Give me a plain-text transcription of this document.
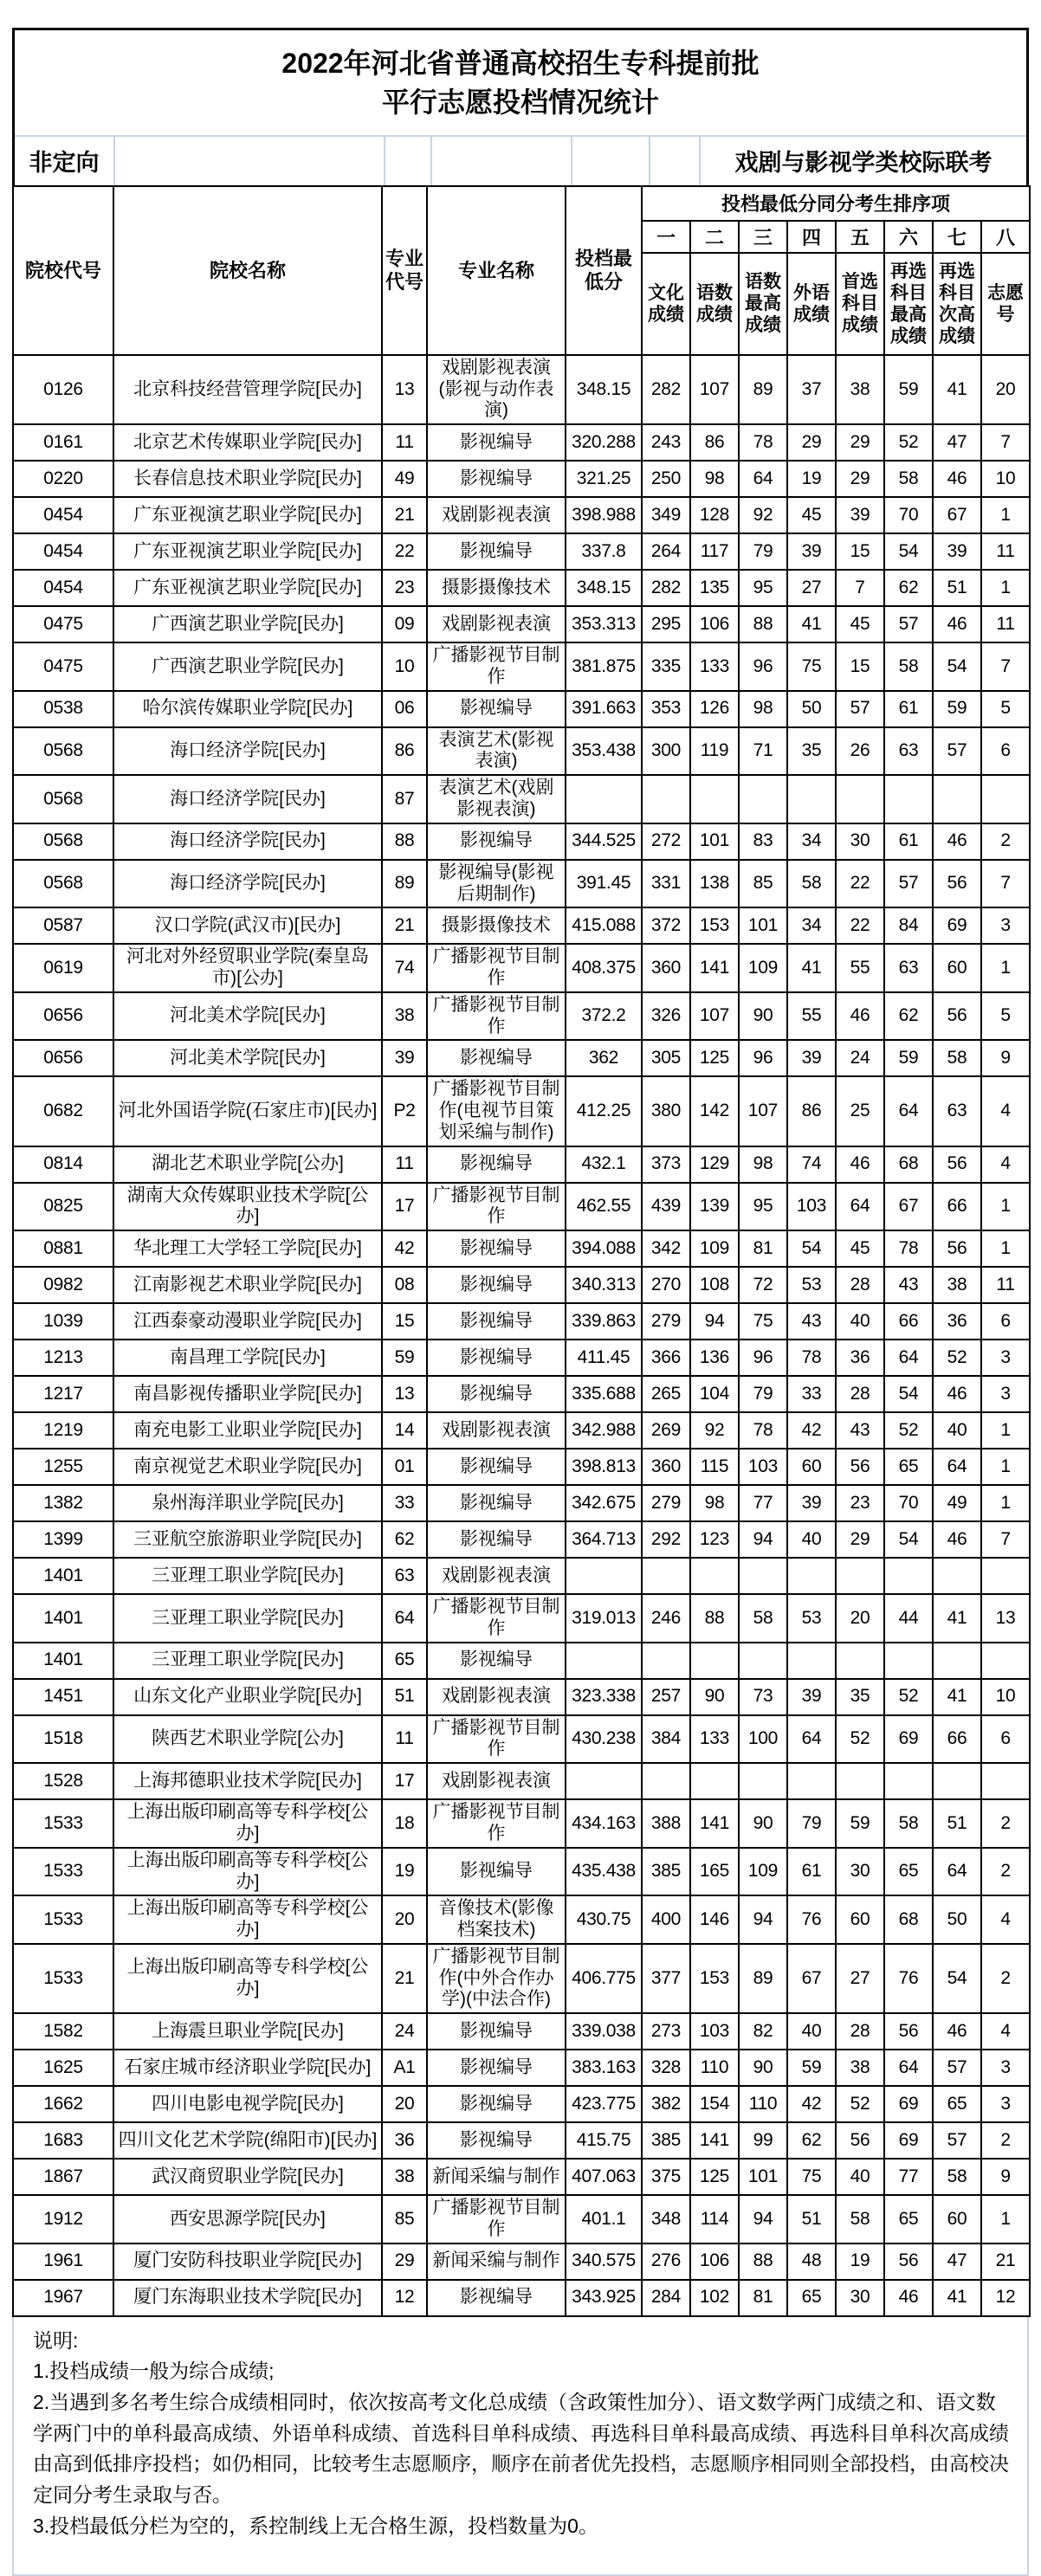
2022年河北省普通高校招生专科提前批
平行志愿投档情况统计
非定向	戏剧与影视学类校际联考
院校代号	院校名称	专业代号	专业名称	投档最低分	投档最低分同分考生排序项							
					一	二	三	四	五	六	七	八
					文化成绩	语数成绩	语数最高成绩	外语成绩	首选科目成绩	再选科目最高成绩	再选科目次高成绩	志愿号
0126	北京科技经营管理学院[民办]	13	戏剧影视表演(影视与动作表演)	348.15	282	107	89	37	38	59	41	20
0161	北京艺术传媒职业学院[民办]	11	影视编导	320.288	243	86	78	29	29	52	47	7
0220	长春信息技术职业学院[民办]	49	影视编导	321.25	250	98	64	19	29	58	46	10
0454	广东亚视演艺职业学院[民办]	21	戏剧影视表演	398.988	349	128	92	45	39	70	67	1
0454	广东亚视演艺职业学院[民办]	22	影视编导	337.8	264	117	79	39	15	54	39	11
0454	广东亚视演艺职业学院[民办]	23	摄影摄像技术	348.15	282	135	95	27	7	62	51	1
0475	广西演艺职业学院[民办]	09	戏剧影视表演	353.313	295	106	88	41	45	57	46	11
0475	广西演艺职业学院[民办]	10	广播影视节目制作	381.875	335	133	96	75	15	58	54	7
0538	哈尔滨传媒职业学院[民办]	06	影视编导	391.663	353	126	98	50	57	61	59	5
0568	海口经济学院[民办]	86	表演艺术(影视表演)	353.438	300	119	71	35	26	63	57	6
0568	海口经济学院[民办]	87	表演艺术(戏剧影视表演)									
0568	海口经济学院[民办]	88	影视编导	344.525	272	101	83	34	30	61	46	2
0568	海口经济学院[民办]	89	影视编导(影视后期制作)	391.45	331	138	85	58	22	57	56	7
0587	汉口学院(武汉市)[民办]	21	摄影摄像技术	415.088	372	153	101	34	22	84	69	3
0619	河北对外经贸职业学院(秦皇岛市)[公办]	74	广播影视节目制作	408.375	360	141	109	41	55	63	60	1
0656	河北美术学院[民办]	38	广播影视节目制作	372.2	326	107	90	55	46	62	56	5
0656	河北美术学院[民办]	39	影视编导	362	305	125	96	39	24	59	58	9
0682	河北外国语学院(石家庄市)[民办]	P2	广播影视节目制作(电视节目策划采编与制作)	412.25	380	142	107	86	25	64	63	4
0814	湖北艺术职业学院[公办]	11	影视编导	432.1	373	129	98	74	46	68	56	4
0825	湖南大众传媒职业技术学院[公办]	17	广播影视节目制作	462.55	439	139	95	103	64	67	66	1
0881	华北理工大学轻工学院[民办]	42	影视编导	394.088	342	109	81	54	45	78	56	1
0982	江南影视艺术职业学院[民办]	08	影视编导	340.313	270	108	72	53	28	43	38	11
1039	江西泰豪动漫职业学院[民办]	15	影视编导	339.863	279	94	75	43	40	66	36	6
1213	南昌理工学院[民办]	59	影视编导	411.45	366	136	96	78	36	64	52	3
1217	南昌影视传播职业学院[民办]	13	影视编导	335.688	265	104	79	33	28	54	46	3
1219	南充电影工业职业学院[民办]	14	戏剧影视表演	342.988	269	92	78	42	43	52	40	1
1255	南京视觉艺术职业学院[民办]	01	影视编导	398.813	360	115	103	60	56	65	64	1
1382	泉州海洋职业学院[民办]	33	影视编导	342.675	279	98	77	39	23	70	49	1
1399	三亚航空旅游职业学院[民办]	62	影视编导	364.713	292	123	94	40	29	54	46	7
1401	三亚理工职业学院[民办]	63	戏剧影视表演									
1401	三亚理工职业学院[民办]	64	广播影视节目制作	319.013	246	88	58	53	20	44	41	13
1401	三亚理工职业学院[民办]	65	影视编导									
1451	山东文化产业职业学院[民办]	51	戏剧影视表演	323.338	257	90	73	39	35	52	41	10
1518	陕西艺术职业学院[公办]	11	广播影视节目制作	430.238	384	133	100	64	52	69	66	6
1528	上海邦德职业技术学院[民办]	17	戏剧影视表演									
1533	上海出版印刷高等专科学校[公办]	18	广播影视节目制作	434.163	388	141	90	79	59	58	51	2
1533	上海出版印刷高等专科学校[公办]	19	影视编导	435.438	385	165	109	61	30	65	64	2
1533	上海出版印刷高等专科学校[公办]	20	音像技术(影像档案技术)	430.75	400	146	94	76	60	68	50	4
1533	上海出版印刷高等专科学校[公办]	21	广播影视节目制作(中外合作办学)(中法合作)	406.775	377	153	89	67	27	76	54	2
1582	上海震旦职业学院[民办]	24	影视编导	339.038	273	103	82	40	28	56	46	4
1625	石家庄城市经济职业学院[民办]	A1	影视编导	383.163	328	110	90	59	38	64	57	3
1662	四川电影电视学院[民办]	20	影视编导	423.775	382	154	110	42	52	69	65	3
1683	四川文化艺术学院(绵阳市)[民办]	36	影视编导	415.75	385	141	99	62	56	69	57	2
1867	武汉商贸职业学院[民办]	38	新闻采编与制作	407.063	375	125	101	75	40	77	58	9
1912	西安思源学院[民办]	85	广播影视节目制作	401.1	348	114	94	51	58	65	60	1
1961	厦门安防科技职业学院[民办]	29	新闻采编与制作	340.575	276	106	88	48	19	56	47	21
1967	厦门东海职业技术学院[民办]	12	影视编导	343.925	284	102	81	65	30	46	41	12
说明:
1.投档成绩一般为综合成绩;
2.当遇到多名考生综合成绩相同时，依次按高考文化总成绩（含政策性加分）、语文数学两门成绩之和、语文数学两门中的单科最高成绩、外语单科成绩、首选科目单科成绩、再选科目单科最高成绩、再选科目单科次高成绩由高到低排序投档；如仍相同，比较考生志愿顺序，顺序在前者优先投档，志愿顺序相同则全部投档，由高校决定同分考生录取与否。
3.投档最低分栏为空的，系控制线上无合格生源，投档数量为0。
